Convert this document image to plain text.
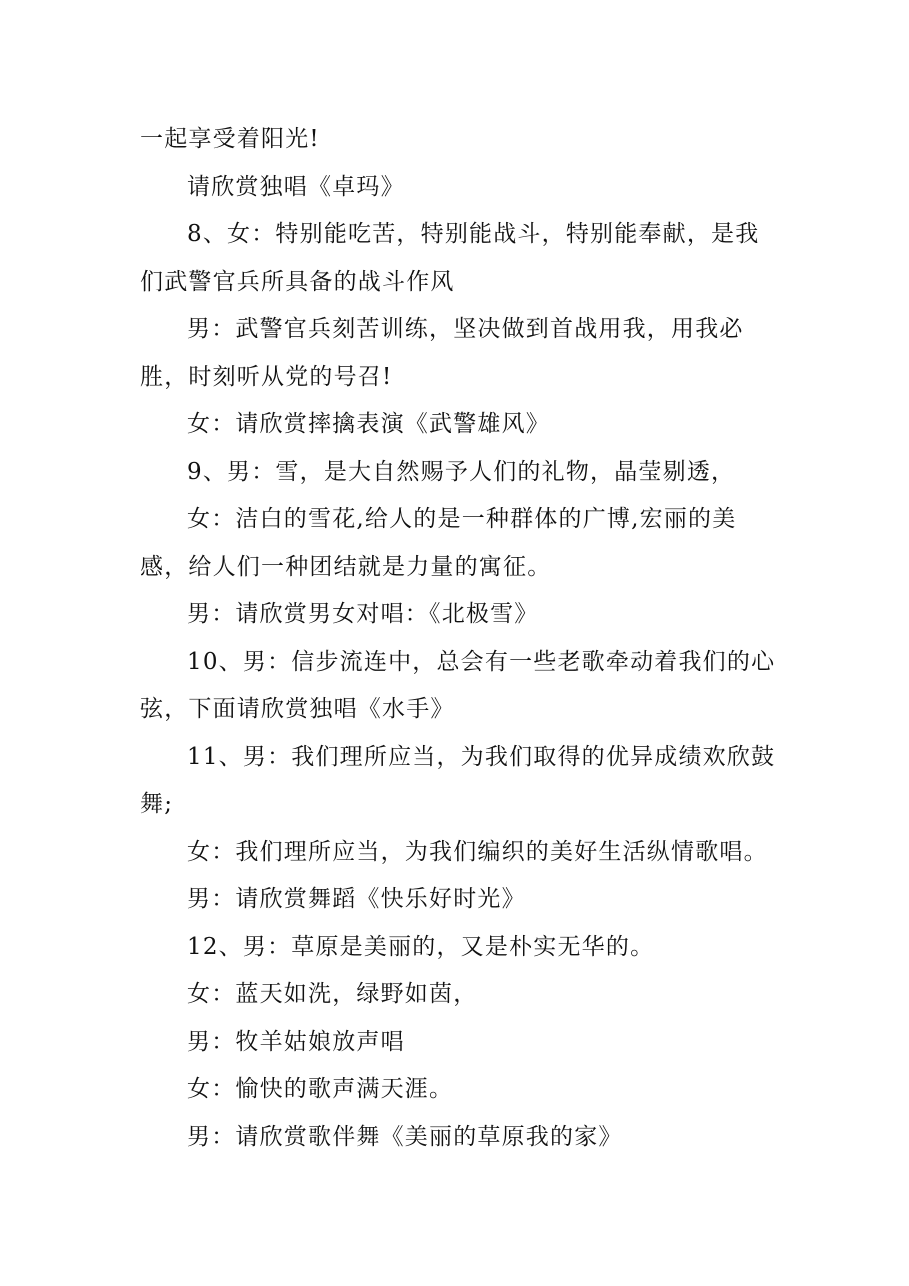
一起享受着阳光!

请欣赏独唱《卓玛》

8、女：特别能吃苦，特别能战斗，特别能奉献，是我们武警官兵所具备的战斗作风

男：武警官兵刻苦训练，坚决做到首战用我，用我必胜，时刻听从党的号召!

女：请欣赏摔擒表演《武警雄风》

9、男：雪，是大自然赐予人们的礼物，晶莹剔透，

女：洁白的雪花,给人的是一种群体的广博,宏丽的美感，给人们一种团结就是力量的寓征。

男：请欣赏男女对唱：《北极雪》

10、男：信步流连中，总会有一些老歌牵动着我们的心弦，下面请欣赏独唱《水手》

11、男：我们理所应当，为我们取得的优异成绩欢欣鼓舞;

女：我们理所应当，为我们编织的美好生活纵情歌唱。

男：请欣赏舞蹈《快乐好时光》

12、男：草原是美丽的，又是朴实无华的。

女：蓝天如洗，绿野如茵，

男：牧羊姑娘放声唱

女：愉快的歌声满天涯。

男：请欣赏歌伴舞《美丽的草原我的家》
